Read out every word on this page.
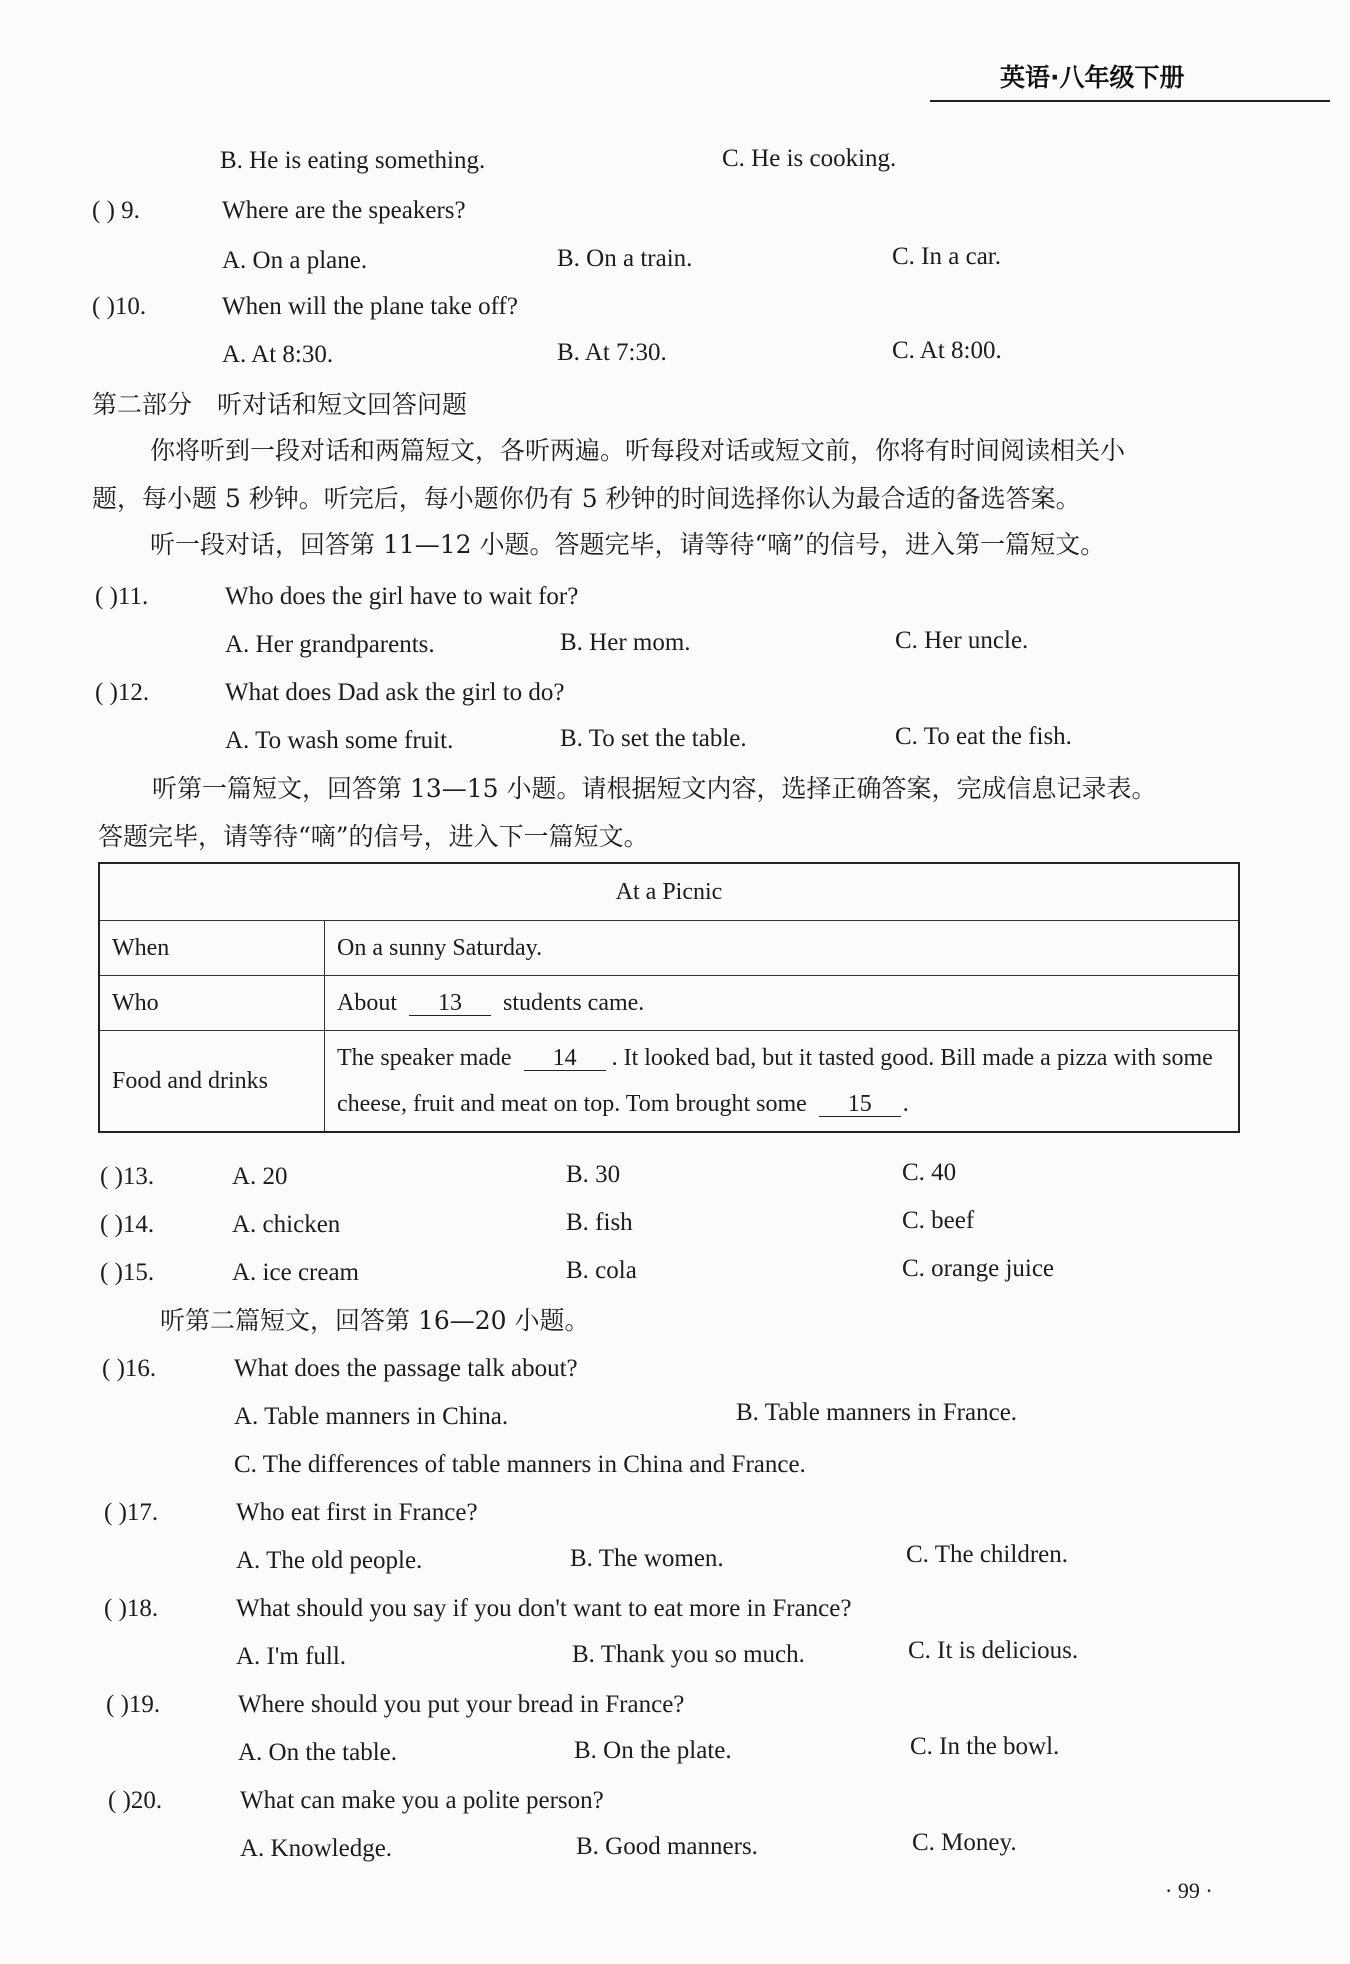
英语·八年级下册
B. He is eating something.	C. He is cooking.
( ) 9.	Where are the speakers?
A. On a plane.	B. On a train.	C. In a car.
( )10.	When will the plane take off?
A. At 8:30.	B. At 7:30.	C. At 8:00.
第二部分　听对话和短文回答问题
你将听到一段对话和两篇短文，各听两遍。听每段对话或短文前，你将有时间阅读相关小
题，每小题 5 秒钟。听完后，每小题你仍有 5 秒钟的时间选择你认为最合适的备选答案。
听一段对话，回答第 11—12 小题。答题完毕，请等待“嘀”的信号，进入第一篇短文。
( )11.	Who does the girl have to wait for?
A. Her grandparents.	B. Her mom.	C. Her uncle.
( )12.	What does Dad ask the girl to do?
A. To wash some fruit.	B. To set the table.	C. To eat the fish.
听第一篇短文，回答第 13—15 小题。请根据短文内容，选择正确答案，完成信息记录表。
答题完毕，请等待“嘀”的信号，进入下一篇短文。
At a Picnic	
When	On a sunny Saturday.
Who	About 13 students came.
Food and drinks	The speaker made 14 . It looked bad, but it tasted good. Bill made a pizza with some cheese, fruit and meat on top. Tom brought some 15 .
( )13.	A. 20	B. 30	C. 40
( )14.	A. chicken	B. fish	C. beef
( )15.	A. ice cream	B. cola	C. orange juice
听第二篇短文，回答第 16—20 小题。
( )16.	What does the passage talk about?
A. Table manners in China.	B. Table manners in France.
C. The differences of table manners in China and France.
( )17.	Who eat first in France?
A. The old people.	B. The women.	C. The children.
( )18.	What should you say if you don't want to eat more in France?
A. I'm full.	B. Thank you so much.	C. It is delicious.
( )19.	Where should you put your bread in France?
A. On the table.	B. On the plate.	C. In the bowl.
( )20.	What can make you a polite person?
A. Knowledge.	B. Good manners.	C. Money.
· 99 ·
